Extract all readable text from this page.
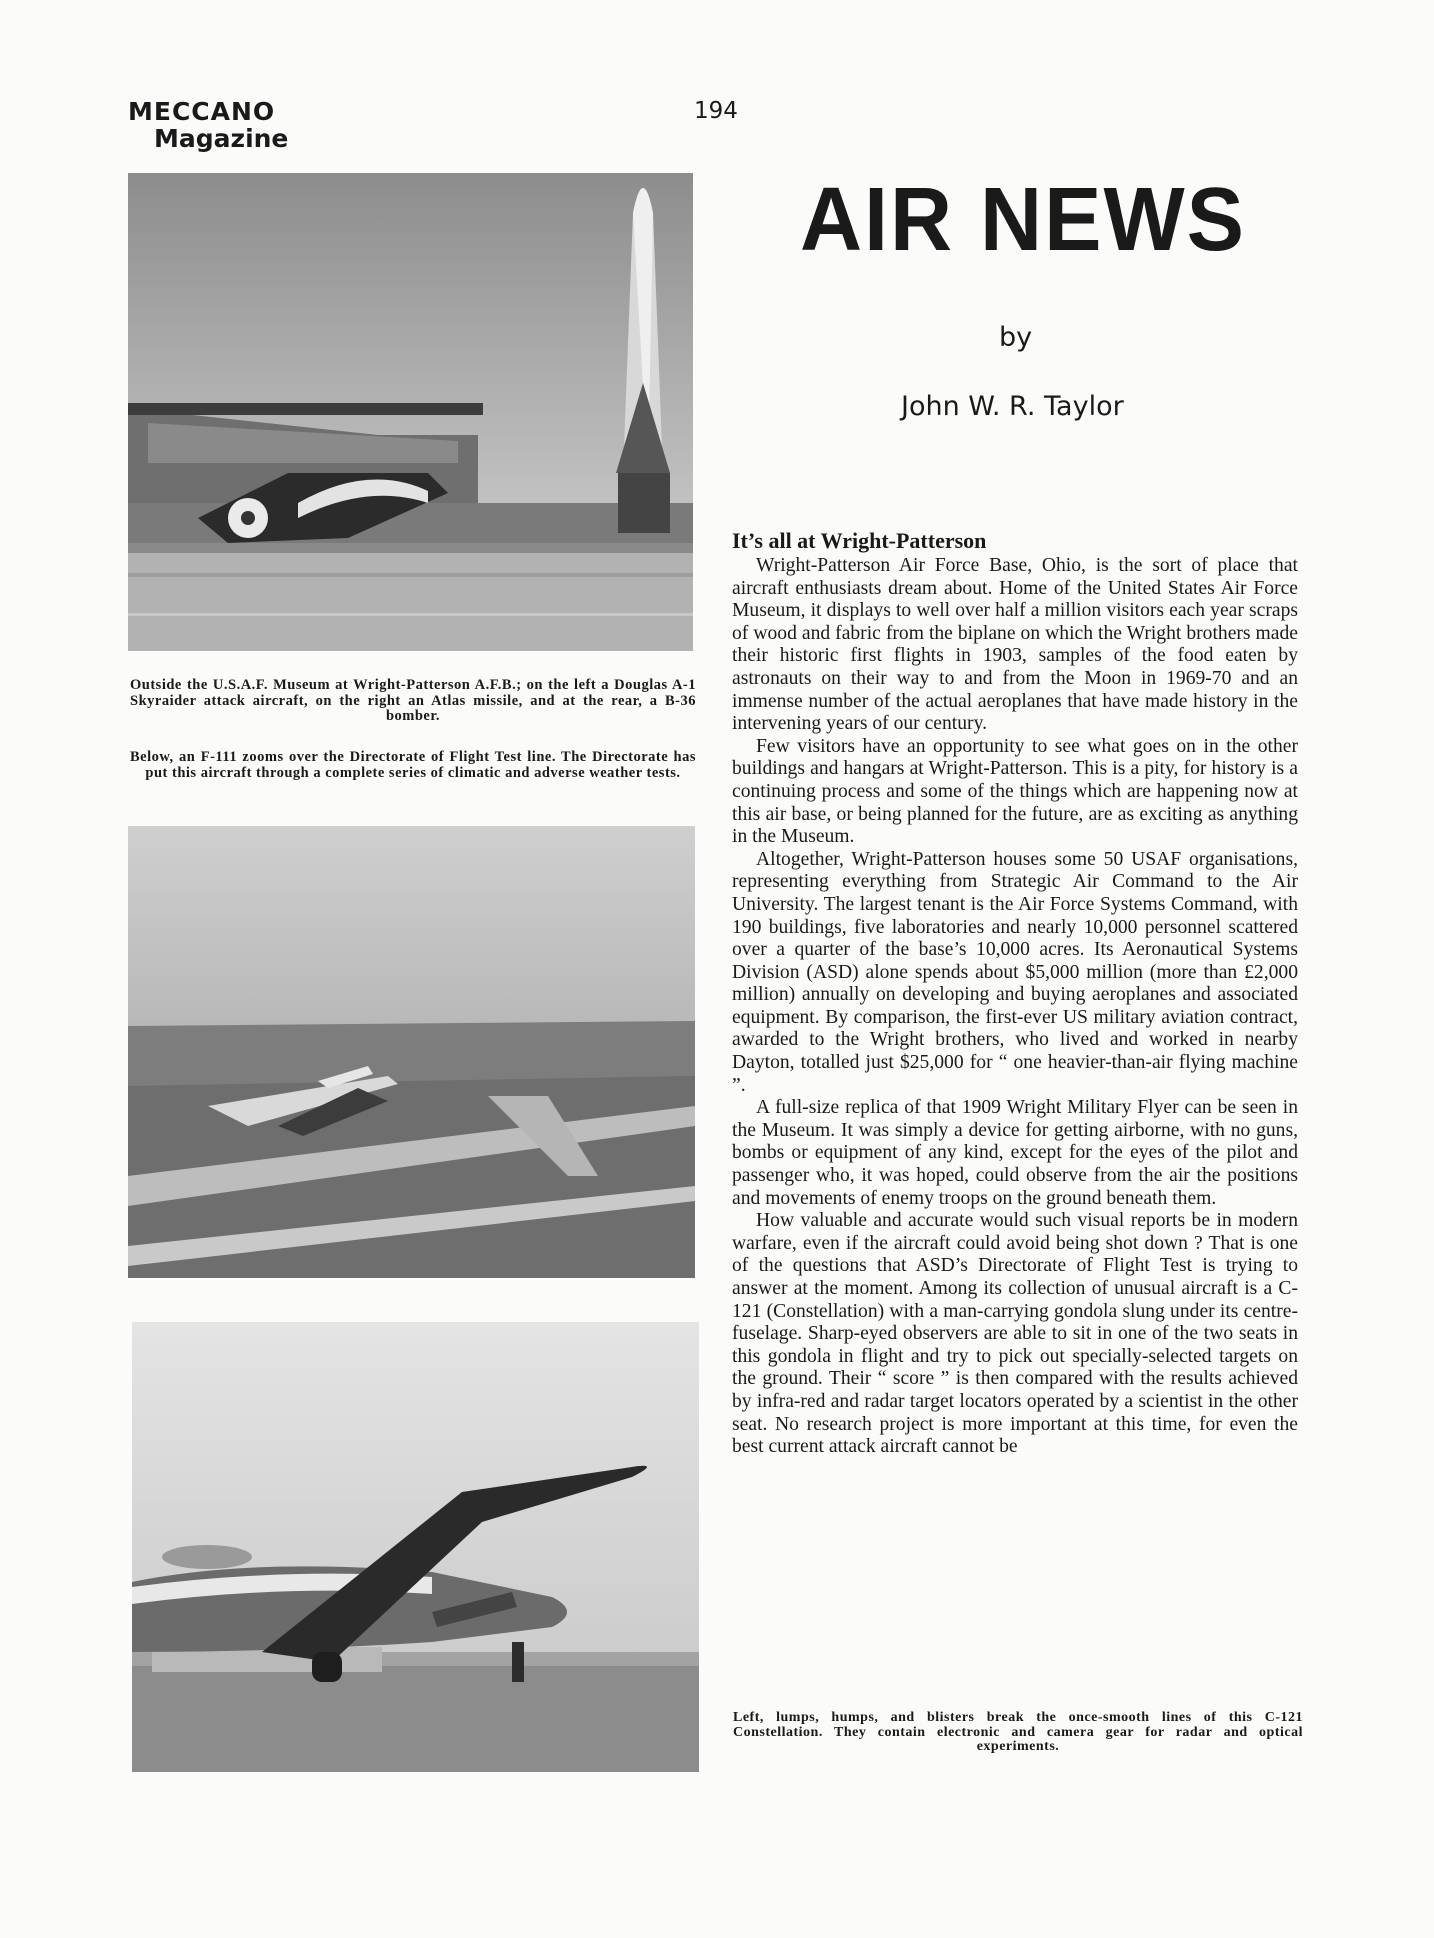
MECCANO
Magazine
194
Outside the U.S.A.F. Museum at Wright-Patterson A.F.B.; on the left a Douglas A-1 Skyraider attack aircraft, on the right an Atlas missile, and at the rear, a B-36 bomber.
Below, an F-111 zooms over the Directorate of Flight Test line. The Directorate has put this aircraft through a complete series of climatic and adverse weather tests.
AIR NEWS
by
John W. R. Taylor
It’s all at Wright-Patterson

Wright-Patterson Air Force Base, Ohio, is the sort of place that aircraft enthusiasts dream about. Home of the United States Air Force Museum, it displays to well over half a million visitors each year scraps of wood and fabric from the biplane on which the Wright brothers made their historic first flights in 1903, samples of the food eaten by astronauts on their way to and from the Moon in 1969-70 and an immense number of the actual aeroplanes that have made history in the intervening years of our century.

Few visitors have an opportunity to see what goes on in the other buildings and hangars at Wright-Patterson. This is a pity, for history is a continuing process and some of the things which are happening now at this air base, or being planned for the future, are as exciting as anything in the Museum.

Altogether, Wright-Patterson houses some 50 USAF organisations, representing everything from Strategic Air Command to the Air University. The largest tenant is the Air Force Systems Command, with 190 buildings, five laboratories and nearly 10,000 personnel scattered over a quarter of the base’s 10,000 acres. Its Aeronautical Systems Division (ASD) alone spends about $5,000 million (more than £2,000 million) annually on developing and buying aeroplanes and associated equipment. By comparison, the first-ever US military aviation contract, awarded to the Wright brothers, who lived and worked in nearby Dayton, totalled just $25,000 for “ one heavier-than-air flying machine ”.

A full-size replica of that 1909 Wright Military Flyer can be seen in the Museum. It was simply a device for getting airborne, with no guns, bombs or equipment of any kind, except for the eyes of the pilot and passenger who, it was hoped, could observe from the air the positions and movements of enemy troops on the ground beneath them.

How valuable and accurate would such visual reports be in modern warfare, even if the aircraft could avoid being shot down ? That is one of the questions that ASD’s Directorate of Flight Test is trying to answer at the moment. Among its collection of unusual aircraft is a C-121 (Constellation) with a man-carrying gondola slung under its centre-fuselage. Sharp-eyed observers are able to sit in one of the two seats in this gondola in flight and try to pick out specially-selected targets on the ground. Their “ score ” is then compared with the results achieved by infra-red and radar target locators operated by a scientist in the other seat. No research project is more important at this time, for even the best current attack aircraft cannot be

Left, lumps, humps, and blisters break the once-smooth lines of this C-121 Constellation. They contain electronic and camera gear for radar and optical experiments.
